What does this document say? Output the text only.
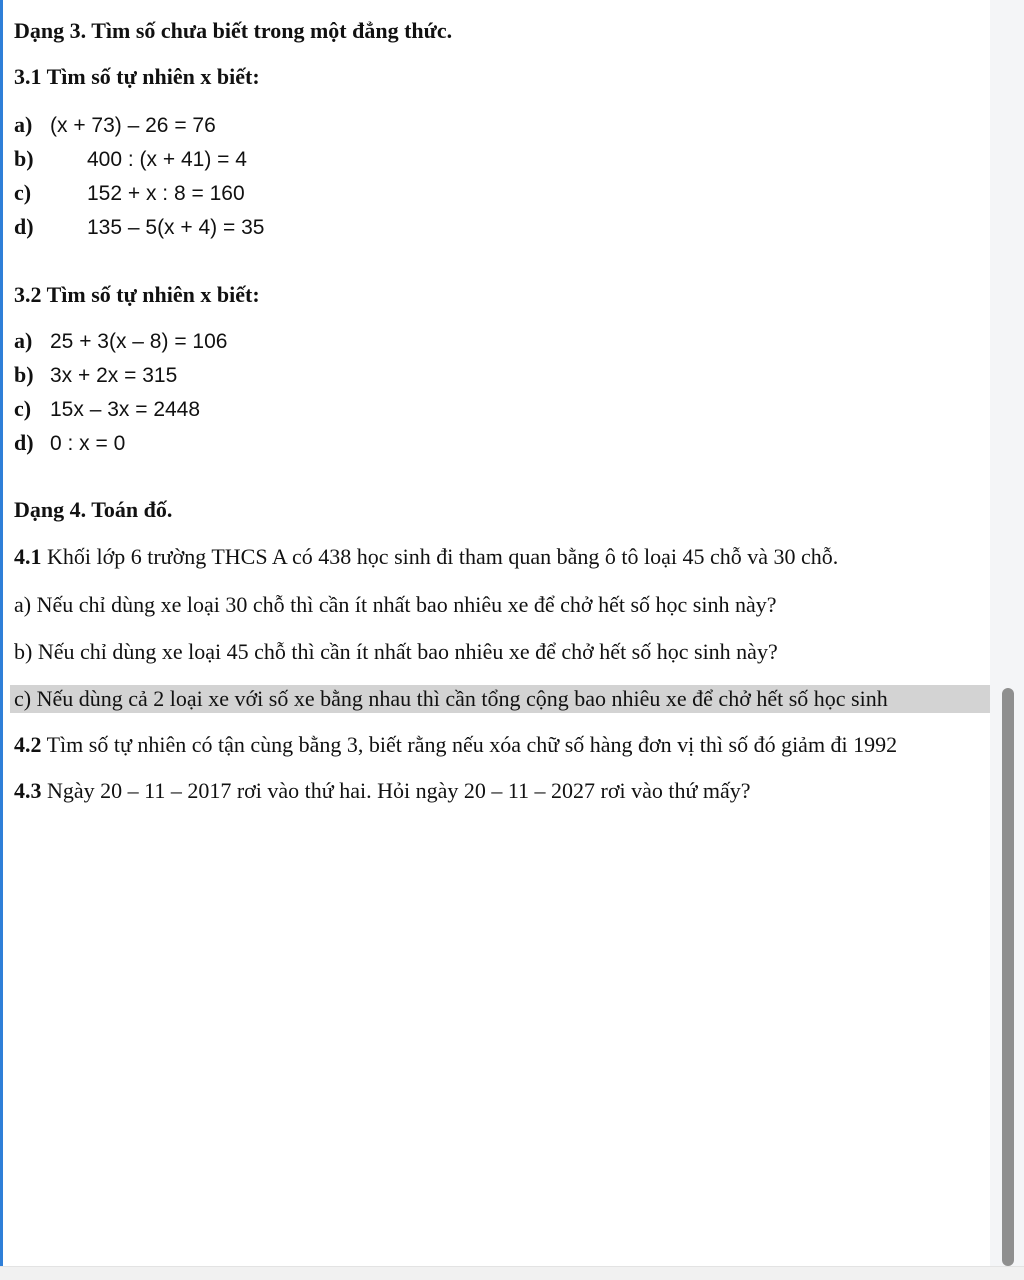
Dạng 3. Tìm số chưa biết trong một đẳng thức.
3.1 Tìm số tự nhiên x biết:
a) (x + 73) – 26 = 76
b)	400 : (x + 41) = 4
c)	152 + x : 8 = 160
d)	135 – 5(x + 4) = 35
3.2 Tìm số tự nhiên x biết:
a) 25 + 3(x – 8) = 106
b) 3x + 2x = 315
c) 15x – 3x = 2448
d) 0 : x = 0
Dạng 4. Toán đố.
4.1 Khối lớp 6 trường THCS A có 438 học sinh đi tham quan bằng ô tô loại 45 chỗ và 30 chỗ.
a) Nếu chỉ dùng xe loại 30 chỗ thì cần ít nhất bao nhiêu xe để chở hết số học sinh này?
b) Nếu chỉ dùng xe loại 45 chỗ thì cần ít nhất bao nhiêu xe để chở hết số học sinh này?
c) Nếu dùng cả 2 loại xe với số xe bằng nhau thì cần tổng cộng bao nhiêu xe để chở hết số học sinh
4.2 Tìm số tự nhiên có tận cùng bằng 3, biết rằng nếu xóa chữ số hàng đơn vị thì số đó giảm đi 1992
4.3 Ngày 20 – 11 – 2017 rơi vào thứ hai. Hỏi ngày 20 – 11 – 2027 rơi vào thứ mấy?
